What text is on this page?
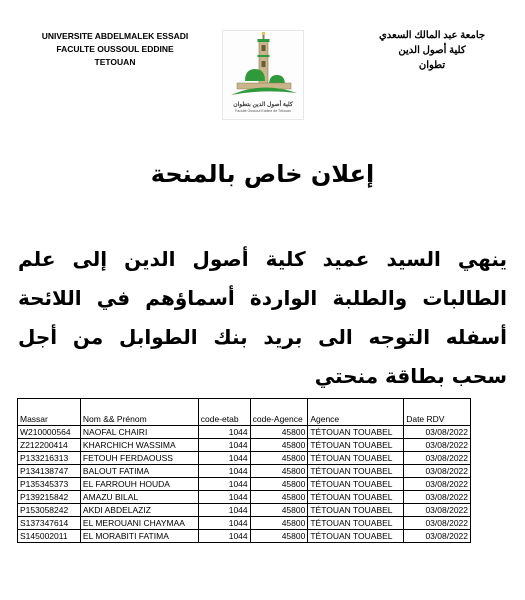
UNIVERSITE ABDELMALEK ESSADI
FACULTE OUSSOUL EDDINE
TETOUAN
كلية أصول الدين بتطوان
Faculté Oussoul Eddine de Tétouan
جامعة عبد المالك السعدي
كلية أصول الدين
تطوان
إعلان خاص بالمنحة
ينهي السيد عميد كلية أصول الدين إلى علم الطالبات والطلبة الواردة أسماؤهم في اللائحة أسفله التوجه الى بريد بنك الطوابل من أجل سحب بطاقة منحتي
Massar	Nom && Prénom	code-etab	code-Agence	Agence	Date RDV
W210000564	NAOFAL CHAIRI	1044	45800	TÉTOUAN TOUABEL	03/08/2022
Z212200414	KHARCHICH WASSIMA	1044	45800	TÉTOUAN TOUABEL	03/08/2022
P133216313	FETOUH FERDAOUSS	1044	45800	TÉTOUAN TOUABEL	03/08/2022
P134138747	BALOUT FATIMA	1044	45800	TÉTOUAN TOUABEL	03/08/2022
P135345373	EL FARROUH HOUDA	1044	45800	TÉTOUAN TOUABEL	03/08/2022
P139215842	AMAZU BILAL	1044	45800	TÉTOUAN TOUABEL	03/08/2022
P153058242	AKDI ABDELAZIZ	1044	45800	TÉTOUAN TOUABEL	03/08/2022
S137347614	EL MEROUANI CHAYMAA	1044	45800	TÉTOUAN TOUABEL	03/08/2022
S145002011	EL MORABITI FATIMA	1044	45800	TÉTOUAN TOUABEL	03/08/2022
